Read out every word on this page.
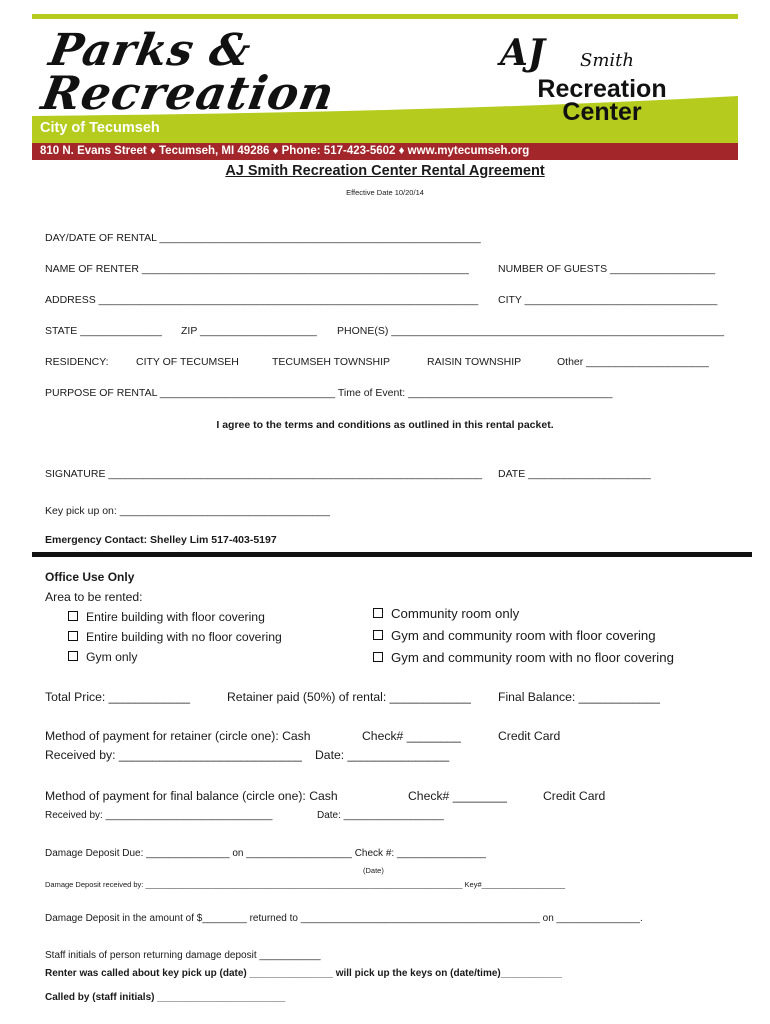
Parks &
Recreation
City of Tecumseh
AJ Smith
Recreation
Center
810 N. Evans Street ♦ Tecumseh, MI 49286 ♦ Phone: 517-423-5602 ♦ www.mytecumseh.org
AJ Smith Recreation Center Rental Agreement
Effective Date 10/20/14
DAY/DATE OF RENTAL _______________________________________________________
NAME OF RENTER ________________________________________________________	NUMBER OF GUESTS __________________
ADDRESS _________________________________________________________________ CITY _________________________________
STATE ______________ ZIP ____________________ PHONE(S) _________________________________________________________
RESIDENCY:	CITY OF TECUMSEH	TECUMSEH TOWNSHIP	RAISIN TOWNSHIP	Other _____________________
PURPOSE OF RENTAL ______________________________ Time of Event: ___________________________________
I agree to the terms and conditions as outlined in this rental packet.
SIGNATURE ________________________________________________________________ DATE _____________________
Key pick up on: ____________________________________
Emergency Contact: Shelley Lim 517-403-5197
Office Use Only
Area to be rented:
Entire building with floor covering
Entire building with no floor covering
Gym only
Community room only
Gym and community room with floor covering
Gym and community room with no floor covering
Total Price: ____________	Retainer paid (50%) of rental: ____________ Final Balance: ____________
Method of payment for retainer (circle one): Cash	Check# ________	Credit Card
Received by: ___________________________ Date: _______________
Method of payment for final balance (circle one): Cash	Check# ________	Credit Card
Received by: ______________________________	Date: __________________
Damage Deposit Due: _______________ on ___________________ Check #: ________________
(Date)
Damage Deposit received by: ____________________________________________________________________________ Key#____________________
Damage Deposit in the amount of $________ returned to ___________________________________________ on _______________.
Staff initials of person returning damage deposit ___________
Renter was called about key pick up (date) _______________ will pick up the keys on (date/time)___________
Called by (staff initials) _______________________
